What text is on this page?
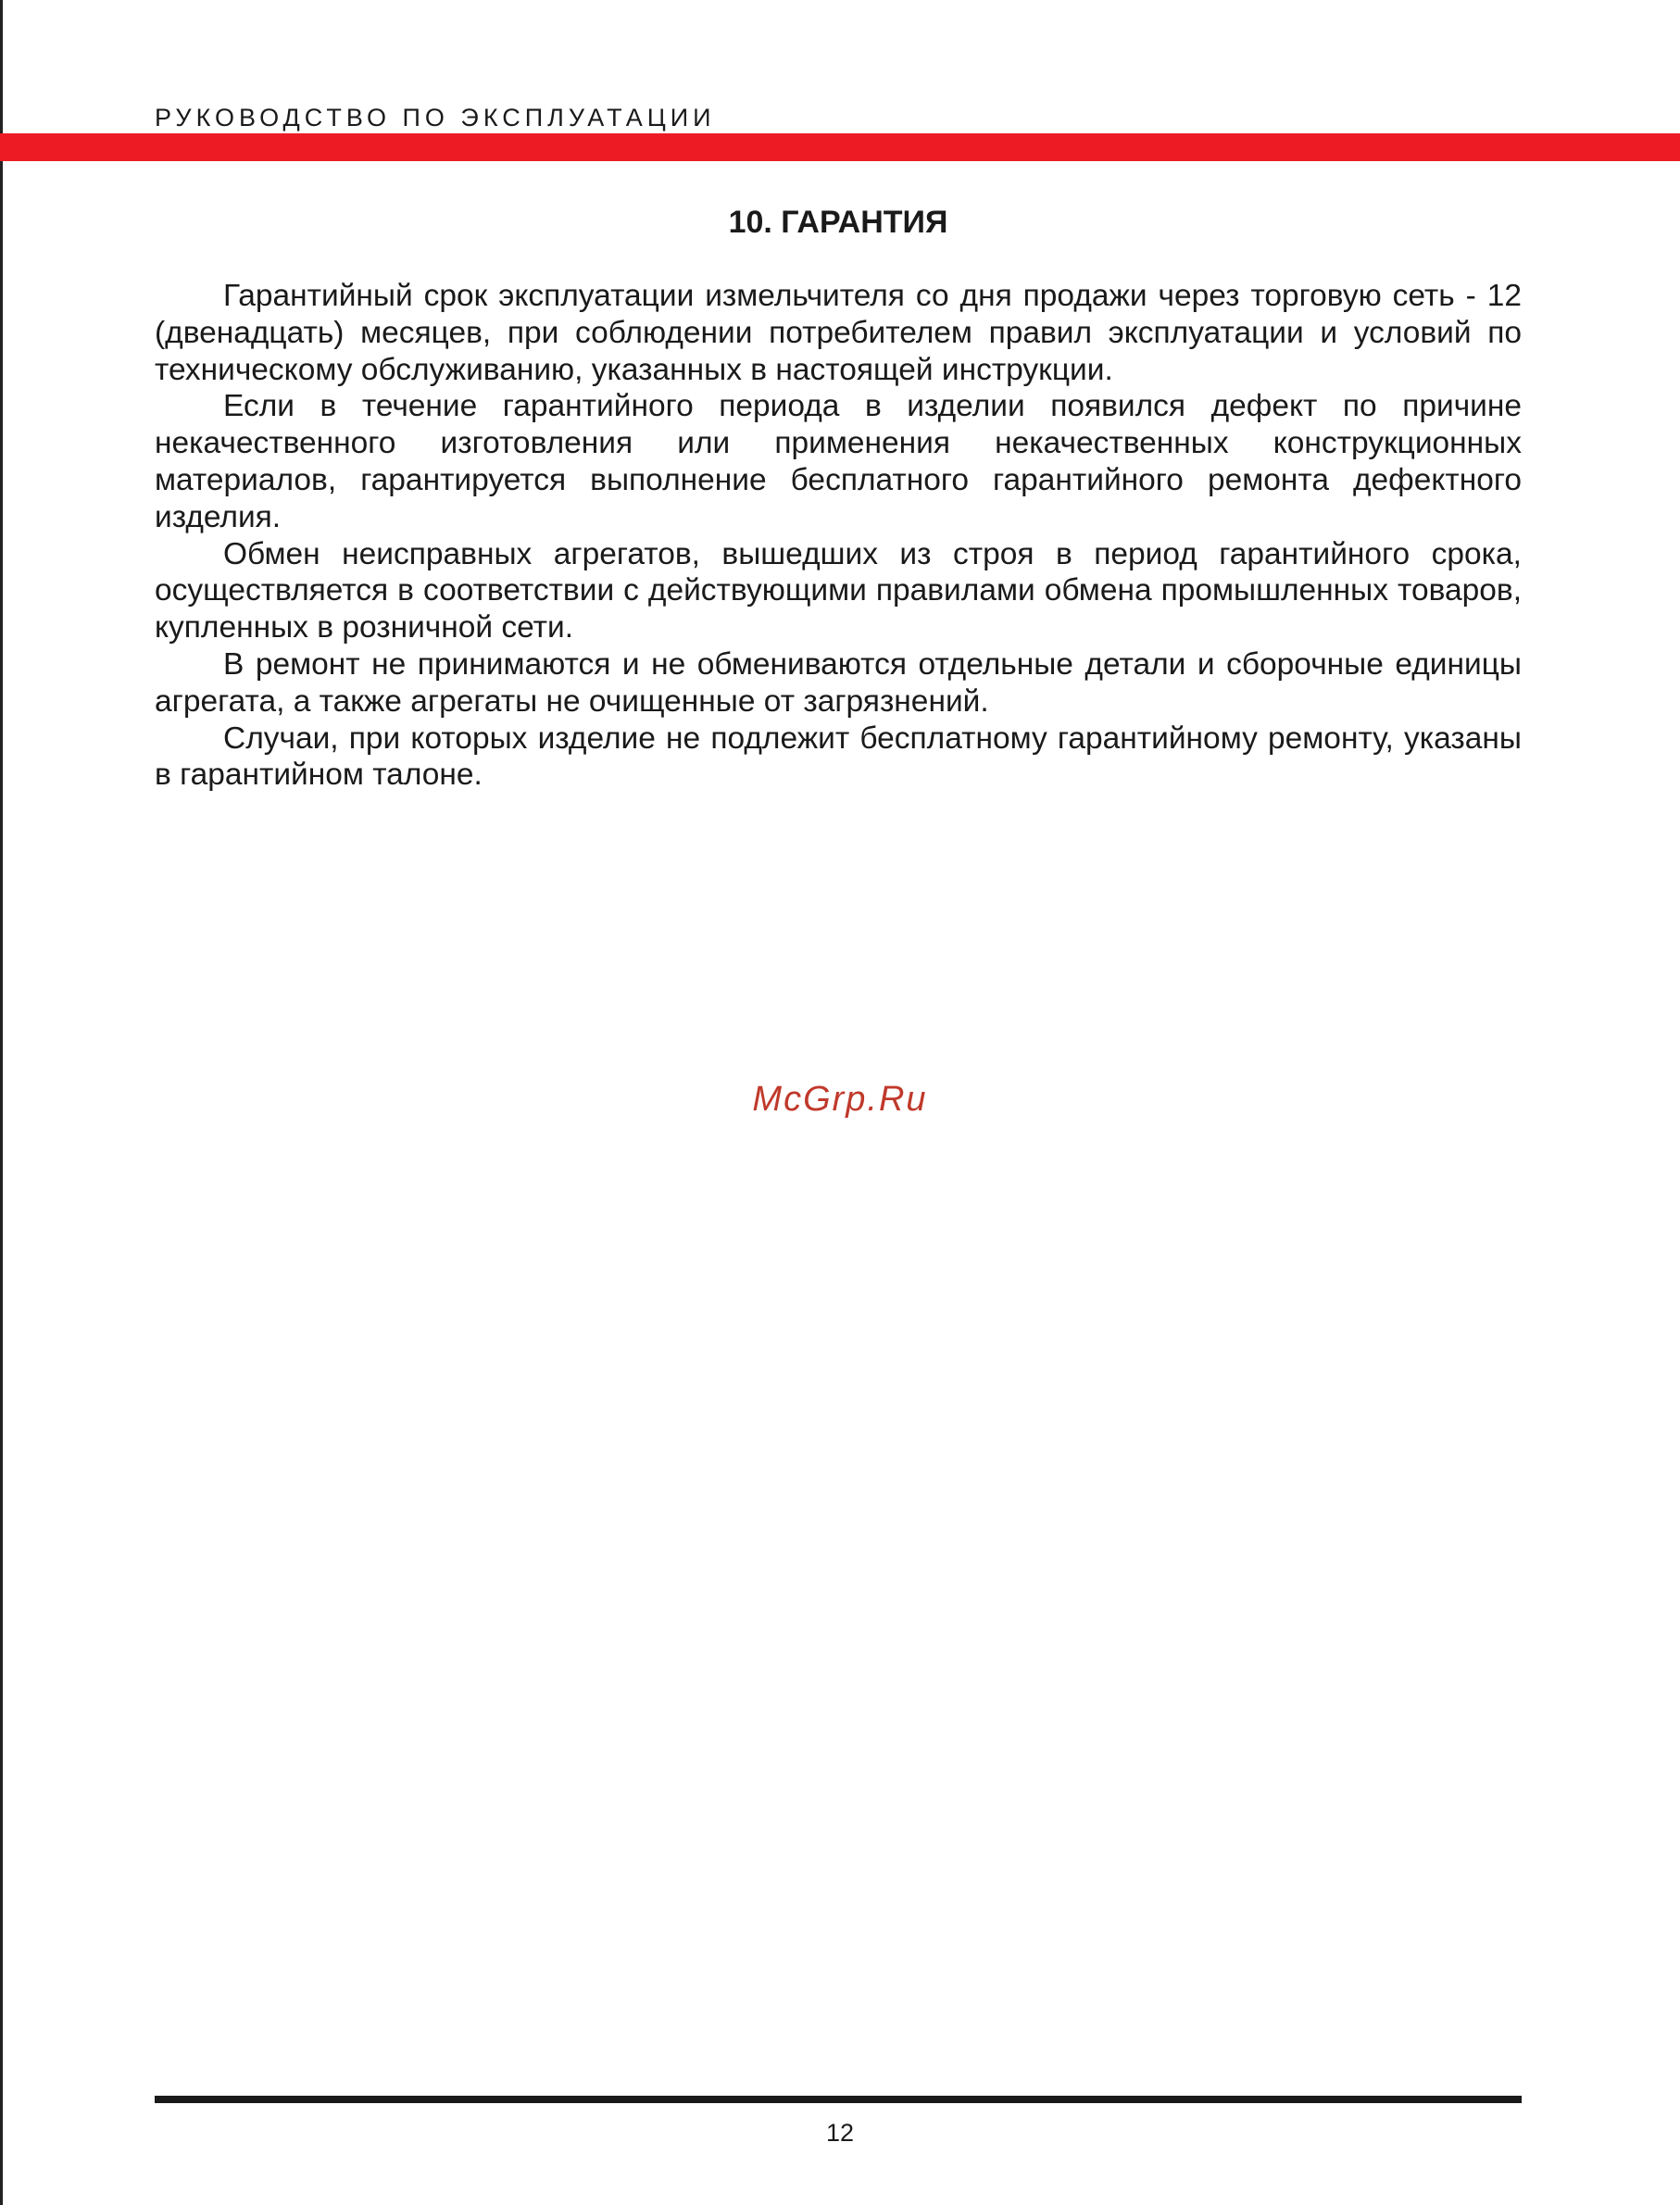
РУКОВОДСТВО ПО ЭКСПЛУАТАЦИИ
10. ГАРАНТИЯ

Гарантийный срок эксплуатации измельчителя со дня продажи через торговую сеть - 12 (двенадцать) месяцев, при соблюдении потребителем правил эксплуатации и условий по техническому обслуживанию, указанных в настоящей инструкции.

Если в течение гарантийного периода в изделии появился дефект по причине некачественного изготовления или применения некачественных конструкционных материалов, гарантируется выполнение бесплатного гарантийного ремонта дефектного изделия.

Обмен неисправных агрегатов, вышедших из строя в период гарантийного срока, осуществляется в соответствии с действующими правилами обмена промышленных товаров, купленных в розничной сети.

В ремонт не принимаются и не обмениваются отдельные детали и сборочные единицы агрегата, а также агрегаты не очищенные от загрязнений.

Случаи, при которых изделие не подлежит бесплатному гарантийному ремонту, указаны в гарантийном талоне.

McGrp.Ru
12
